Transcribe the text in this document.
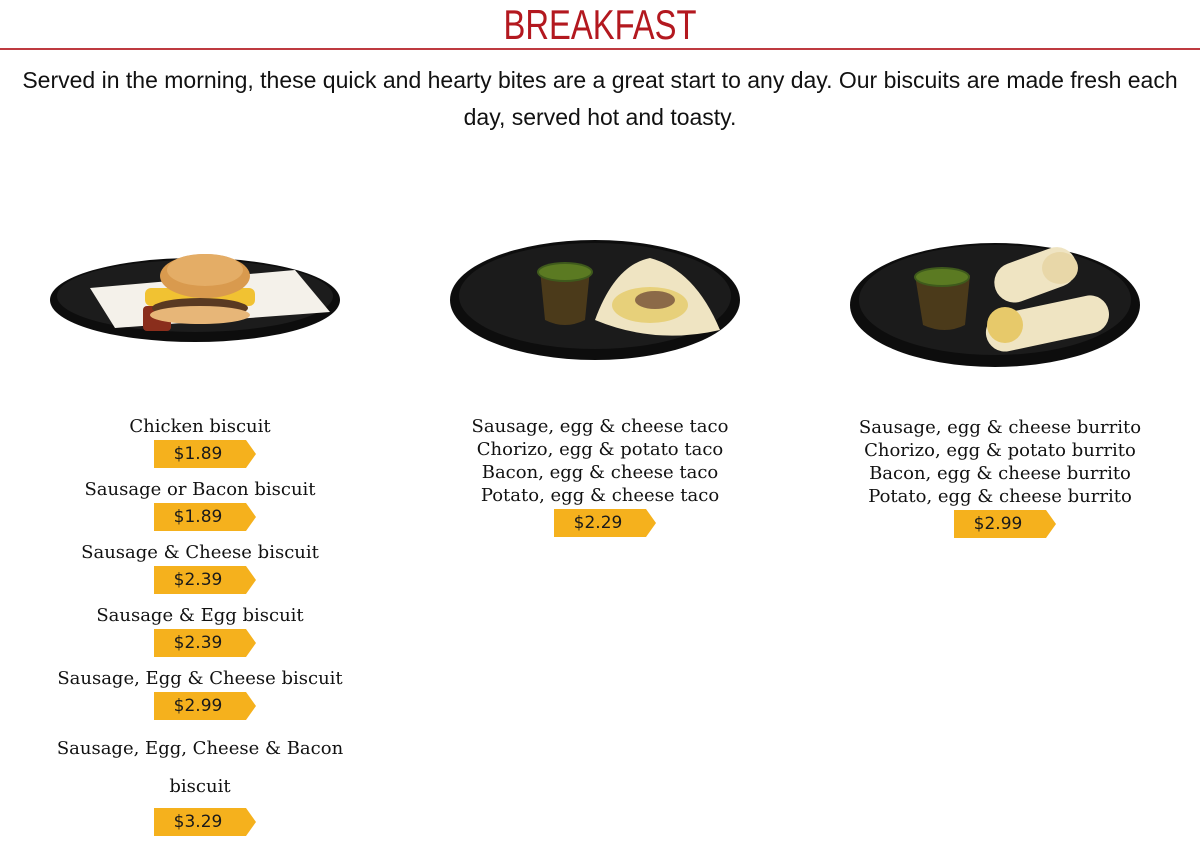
BREAKFAST
Served in the morning, these quick and hearty bites are a great start to any day. Our biscuits are made fresh each day, served hot and toasty.
Chicken biscuit
$1.89
Sausage or Bacon biscuit
$1.89
Sausage & Cheese biscuit
$2.39
Sausage & Egg biscuit
$2.39
Sausage, Egg & Cheese biscuit
$2.99
Sausage, Egg, Cheese & Bacon biscuit
$3.29
Sausage, egg & cheese taco
Chorizo, egg & potato taco
Bacon, egg & cheese taco
Potato, egg & cheese taco
$2.29
Sausage, egg & cheese burrito
Chorizo, egg & potato burrito
Bacon, egg & cheese burrito
Potato, egg & cheese burrito
$2.99
